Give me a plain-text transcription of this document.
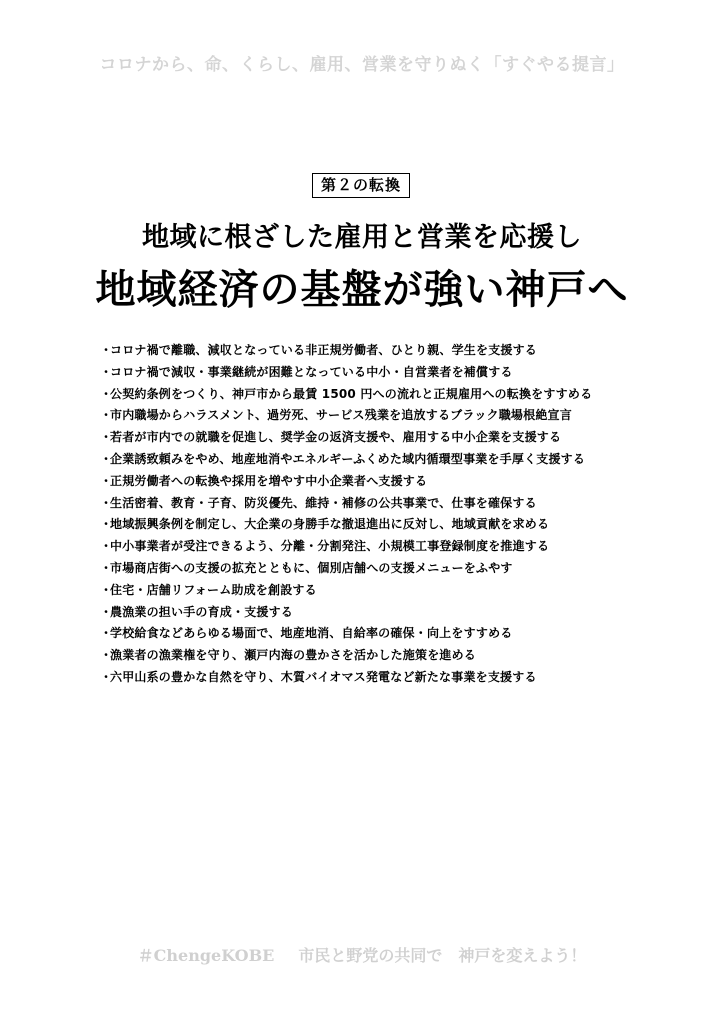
コロナから、命、くらし、雇用、営業を守りぬく「すぐやる提言」
第２の転換
地域に根ざした雇用と営業を応援し
地域経済の基盤が強い神戸へ
・コロナ禍で離職、減収となっている非正規労働者、ひとり親、学生を支援する
・コロナ禍で減収・事業継続が困難となっている中小・自営業者を補償する
・公契約条例をつくり、神戸市から最賃 1500 円への流れと正規雇用への転換をすすめる
・市内職場からハラスメント、過労死、サービス残業を追放するブラック職場根絶宣言
・若者が市内での就職を促進し、奨学金の返済支援や、雇用する中小企業を支援する
・企業誘致頼みをやめ、地産地消やエネルギーふくめた域内循環型事業を手厚く支援する
・正規労働者への転換や採用を増やす中小企業者へ支援する
・生活密着、教育・子育、防災優先、維持・補修の公共事業で、仕事を確保する
・地域振興条例を制定し、大企業の身勝手な撤退進出に反対し、地域貢献を求める
・中小事業者が受注できるよう、分離・分割発注、小規模工事登録制度を推進する
・市場商店街への支援の拡充とともに、個別店舗への支援メニューをふやす
・住宅・店舗リフォーム助成を創設する
・農漁業の担い手の育成・支援する
・学校給食などあらゆる場面で、地産地消、自給率の確保・向上をすすめる
・漁業者の漁業権を守り、瀬戸内海の豊かさを活かした施策を進める
・六甲山系の豊かな自然を守り、木質バイオマス発電など新たな事業を支援する
＃ChengeKOBE 市民と野党の共同で　神戸を変えよう！
